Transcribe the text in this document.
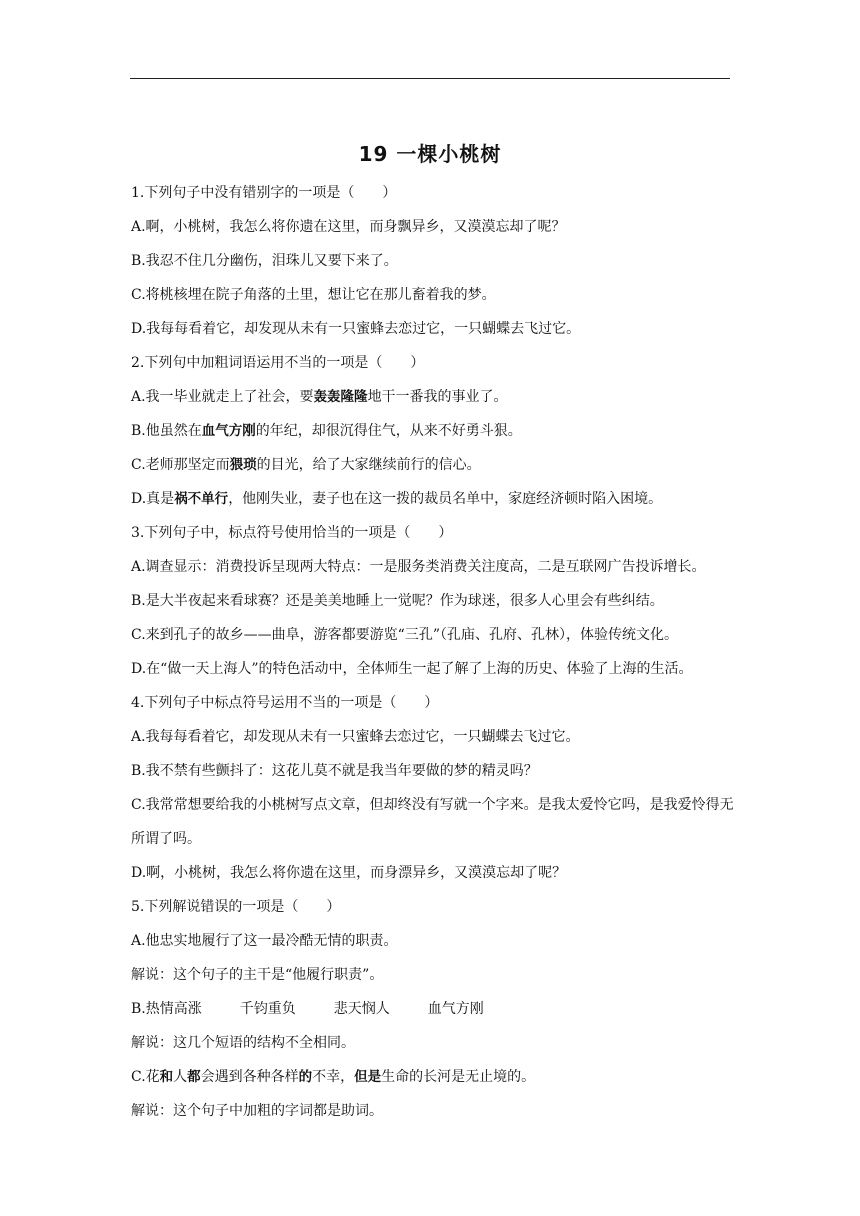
19 一棵小桃树
1.下列句子中没有错别字的一项是（　　）
A.啊，小桃树，我怎么将你遗在这里，而身飘异乡，又漠漠忘却了呢？
B.我忍不住几分幽伤，泪珠儿又要下来了。
C.将桃核埋在院子角落的土里，想让它在那儿畜着我的梦。
D.我每每看着它，却发现从未有一只蜜蜂去恋过它，一只蝴蝶去飞过它。
2.下列句中加粗词语运用不当的一项是（　　）
A.我一毕业就走上了社会，要轰轰隆隆地干一番我的事业了。
B.他虽然在血气方刚的年纪，却很沉得住气，从来不好勇斗狠。
C.老师那坚定而猥琐的目光，给了大家继续前行的信心。
D.真是祸不单行，他刚失业，妻子也在这一拨的裁员名单中，家庭经济顿时陷入困境。
3.下列句子中，标点符号使用恰当的一项是（　　）
A.调查显示：消费投诉呈现两大特点：一是服务类消费关注度高，二是互联网广告投诉增长。
B.是大半夜起来看球赛？还是美美地睡上一觉呢？作为球迷，很多人心里会有些纠结。
C.来到孔子的故乡——曲阜，游客都要游览“三孔”（孔庙、孔府、孔林），体验传统文化。
D.在“做一天上海人”的特色活动中，全体师生一起了解了上海的历史、体验了上海的生活。
4.下列句子中标点符号运用不当的一项是（　　）
A.我每每看着它，却发现从未有一只蜜蜂去恋过它，一只蝴蝶去飞过它。
B.我不禁有些颤抖了：这花儿莫不就是我当年要做的梦的精灵吗？
C.我常常想要给我的小桃树写点文章，但却终没有写就一个字来。是我太爱怜它吗，是我爱怜得无所谓了吗。
D.啊，小桃树，我怎么将你遗在这里，而身漂异乡，又漠漠忘却了呢？
5.下列解说错误的一项是（　　）
A.他忠实地履行了这一最冷酷无情的职责。
解说：这个句子的主干是“他履行职责”。
B.热情高涨	千钧重负	悲天悯人	血气方刚
解说：这几个短语的结构不全相同。
C.花和人都会遇到各种各样的不幸，但是生命的长河是无止境的。
解说：这个句子中加粗的字词都是助词。
